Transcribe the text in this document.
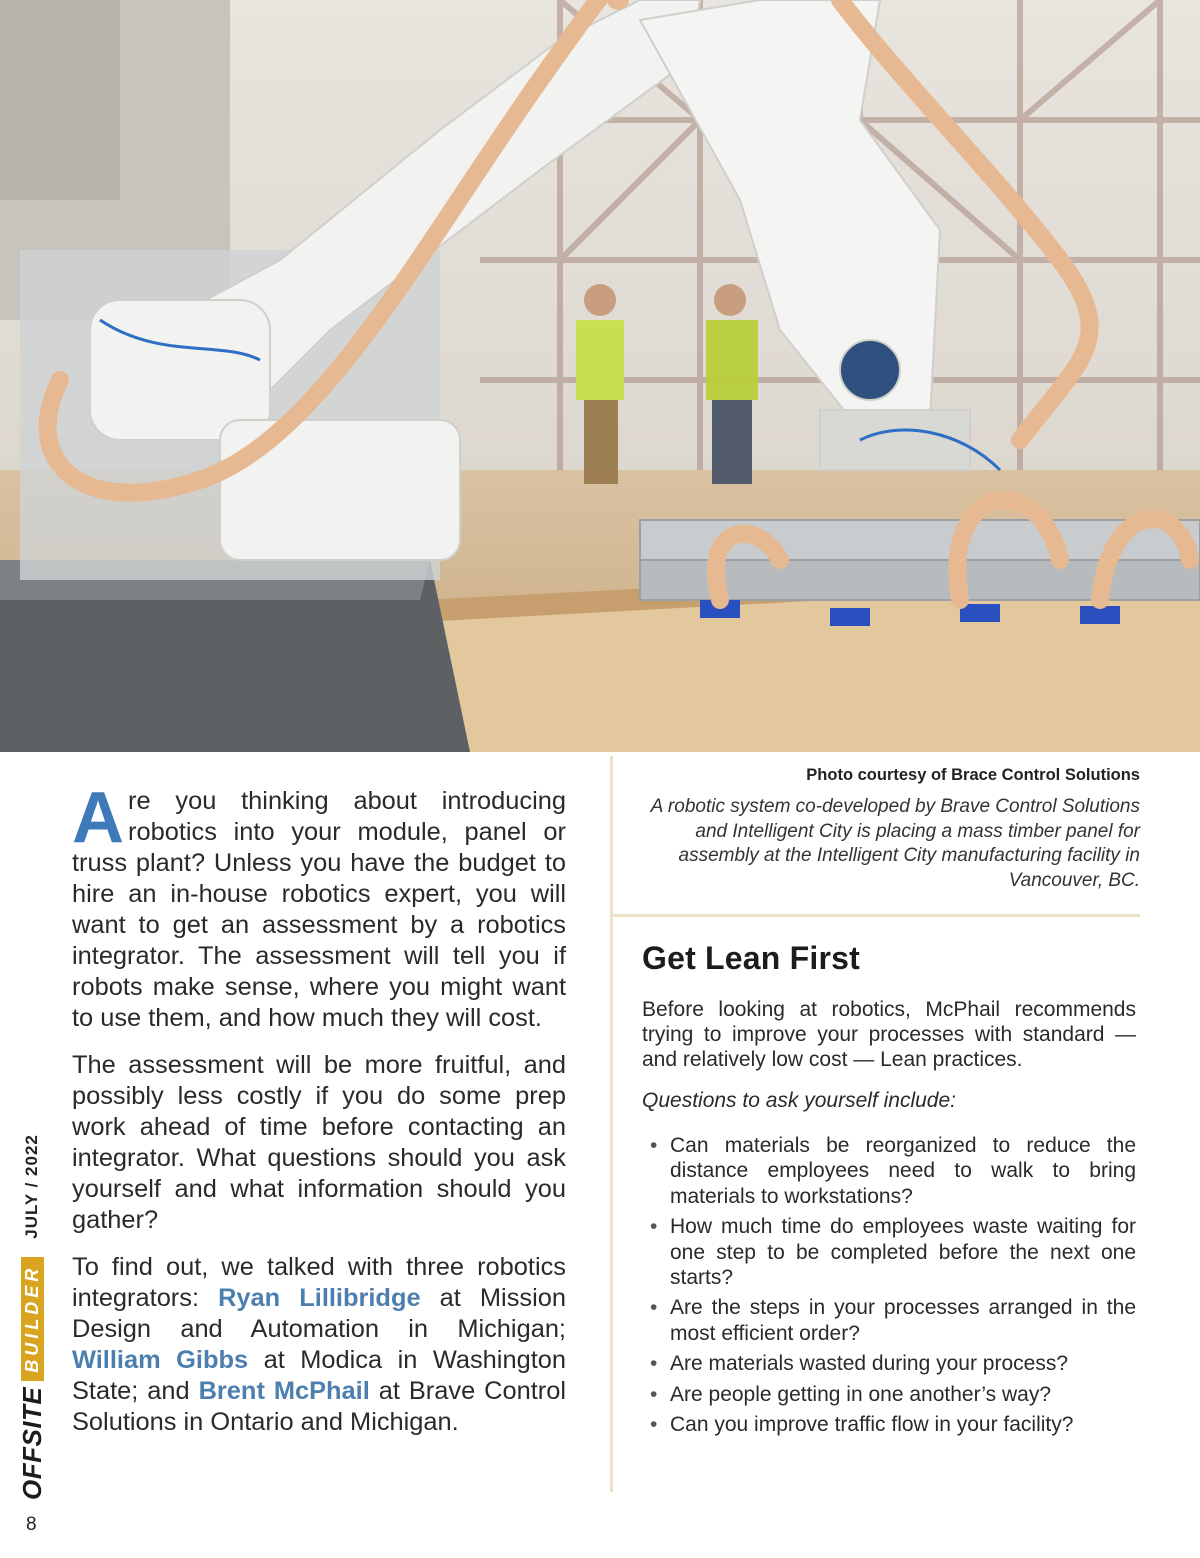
Are you thinking about introducing robotics into your module, panel or truss plant? Unless you have the budget to hire an in-house robotics expert, you will want to get an assessment by a robotics integrator. The assessment will tell you if robots make sense, where you might want to use them, and how much they will cost.

The assessment will be more fruitful, and possibly less costly if you do some prep work ahead of time before contacting an integrator. What questions should you ask yourself and what information should you gather?

To find out, we talked with three robotics integrators: Ryan Lillibridge at Mission Design and Automation in Michigan; William Gibbs at Modica in Washington State; and Brent McPhail at Brave Control Solutions in Ontario and Michigan.

Photo courtesy of Brace Control Solutions
A robotic system co-developed by Brave Control Solutions and Intelligent City is placing a mass timber panel for assembly at the Intelligent City manufacturing facility in Vancouver, BC.
Get Lean First

Before looking at robotics, McPhail recommends trying to improve your processes with standard — and relatively low cost — Lean practices.

Questions to ask yourself include:

• Can materials be reorganized to reduce the distance employees need to walk to bring materials to workstations?
• How much time do employees waste waiting for one step to be completed before the next one starts?
• Are the steps in your processes arranged in the most efficient order?
• Are materials wasted during your process?
• Are people getting in one another’s way?
• Can you improve traffic flow in your facility?
OFFSITE
BUILDER
JULY / 2022
8
